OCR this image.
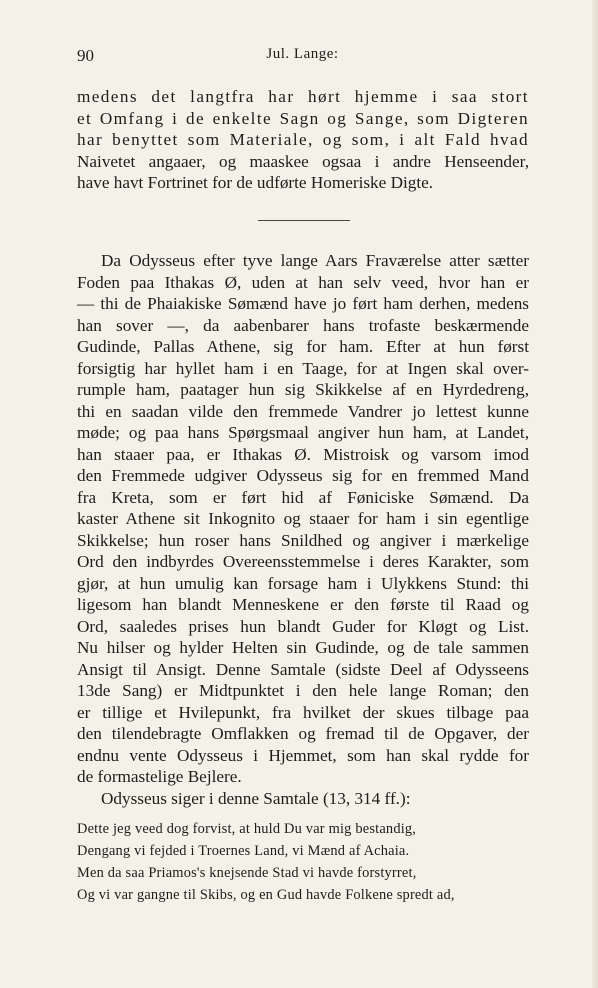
90	Jul. Lange:
medens det langtfra har hørt hjemme i saa stort
et Omfang i de enkelte Sagn og Sange, som Digteren
har benyttet som Materiale, og som, i alt Fald hvad
Naivetet angaaer, og maaskee ogsaa i andre Henseender,
have havt Fortrinet for de udførte Homeriske Digte.
Da Odysseus efter tyve lange Aars Fraværelse atter sætter
Foden paa Ithakas Ø, uden at han selv veed, hvor han er
— thi de Phaiakiske Sømænd have jo ført ham derhen, medens
han sover —, da aabenbarer hans trofaste beskærmende
Gudinde, Pallas Athene, sig for ham. Efter at hun først
forsigtig har hyllet ham i en Taage, for at Ingen skal over-
rumple ham, paatager hun sig Skikkelse af en Hyrdedreng,
thi en saadan vilde den fremmede Vandrer jo lettest kunne
møde; og paa hans Spørgsmaal angiver hun ham, at Landet,
han staaer paa, er Ithakas Ø. Mistroisk og varsom imod
den Fremmede udgiver Odysseus sig for en fremmed Mand
fra Kreta, som er ført hid af Føniciske Sømænd. Da
kaster Athene sit Inkognito og staaer for ham i sin egentlige
Skikkelse; hun roser hans Snildhed og angiver i mærkelige
Ord den indbyrdes Overeensstemmelse i deres Karakter, som
gjør, at hun umulig kan forsage ham i Ulykkens Stund: thi
ligesom han blandt Menneskene er den første til Raad og
Ord, saaledes prises hun blandt Guder for Kløgt og List.
Nu hilser og hylder Helten sin Gudinde, og de tale sammen
Ansigt til Ansigt. Denne Samtale (sidste Deel af Odysseens
13de Sang) er Midtpunktet i den hele lange Roman; den
er tillige et Hvilepunkt, fra hvilket der skues tilbage paa
den tilendebragte Omflakken og fremad til de Opgaver, der
endnu vente Odysseus i Hjemmet, som han skal rydde for
de formastelige Bejlere.
Odysseus siger i denne Samtale (13, 314 ff.):
Dette jeg veed dog forvist, at huld Du var mig bestandig,
Dengang vi fejded i Troernes Land, vi Mænd af Achaia.
Men da saa Priamos's knejsende Stad vi havde forstyrret,
Og vi var gangne til Skibs, og en Gud havde Folkene spredt ad,
